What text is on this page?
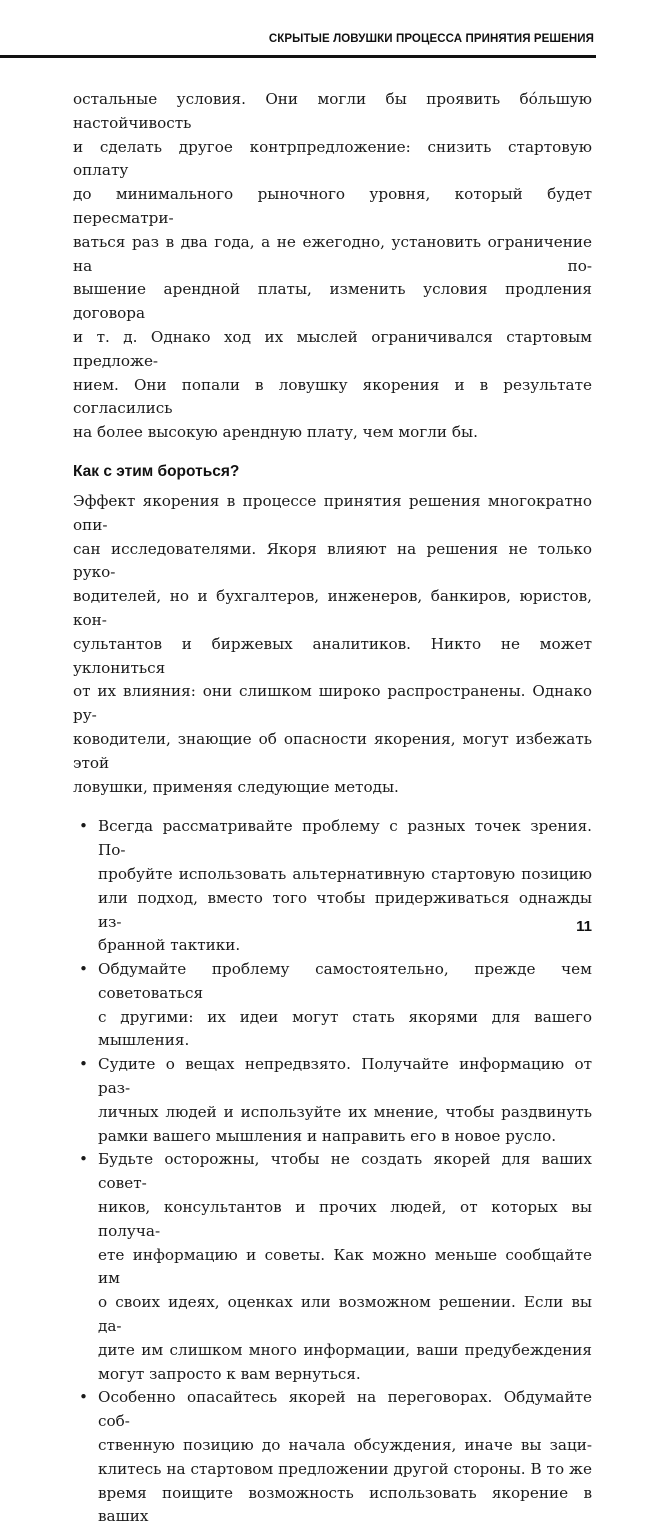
СКРЫТЫЕ ЛОВУШКИ ПРОЦЕССА ПРИНЯТИЯ РЕШЕНИЯ

остальные условия. Они могли бы проявить бо́льшую настойчивость

и сделать другое контрпредложение: снизить стартовую оплату

до минимального рыночного уровня, который будет пересматри-

ваться раз в два года, а не ежегодно, установить ограничение на по-

вышение арендной платы, изменить условия продления договора

и т. д. Однако ход их мыслей ограничивался стартовым предложе-

нием. Они попали в ловушку якорения и в результате согласились

на более высокую арендную плату, чем могли бы.

Как с этим бороться?

Эффект якорения в процессе принятия решения многократно опи-

сан исследователями. Якоря влияют на решения не только руко-

водителей, но и бухгалтеров, инженеров, банкиров, юристов, кон-

сультантов и биржевых аналитиков. Никто не может уклониться

от их влияния: они слишком широко распространены. Однако ру-

ководители, знающие об опасности якорения, могут избежать этой

ловушки, применяя следующие методы.

• Всегда рассматривайте проблему с разных точек зрения. По-

пробуйте использовать альтернативную стартовую позицию

или подход, вместо того чтобы придерживаться однажды из-

бранной тактики.

• Обдумайте проблему самостоятельно, прежде чем советоваться

с другими: их идеи могут стать якорями для вашего мышления.

• Судите о вещах непредвзято. Получайте информацию от раз-

личных людей и используйте их мнение, чтобы раздвинуть

рамки вашего мышления и направить его в новое русло.

• Будьте осторожны, чтобы не создать якорей для ваших совет-

ников, консультантов и прочих людей, от которых вы получа-

ете информацию и советы. Как можно меньше сообщайте им

о своих идеях, оценках или возможном решении. Если вы да-

дите им слишком много информации, ваши предубеждения

могут запросто к вам вернуться.

• Особенно опасайтесь якорей на переговорах. Обдумайте соб-

ственную позицию до начала обсуждения, иначе вы заци-

клитесь на стартовом предложении другой стороны. В то же

время поищите возможность использовать якорение в ваших

11
